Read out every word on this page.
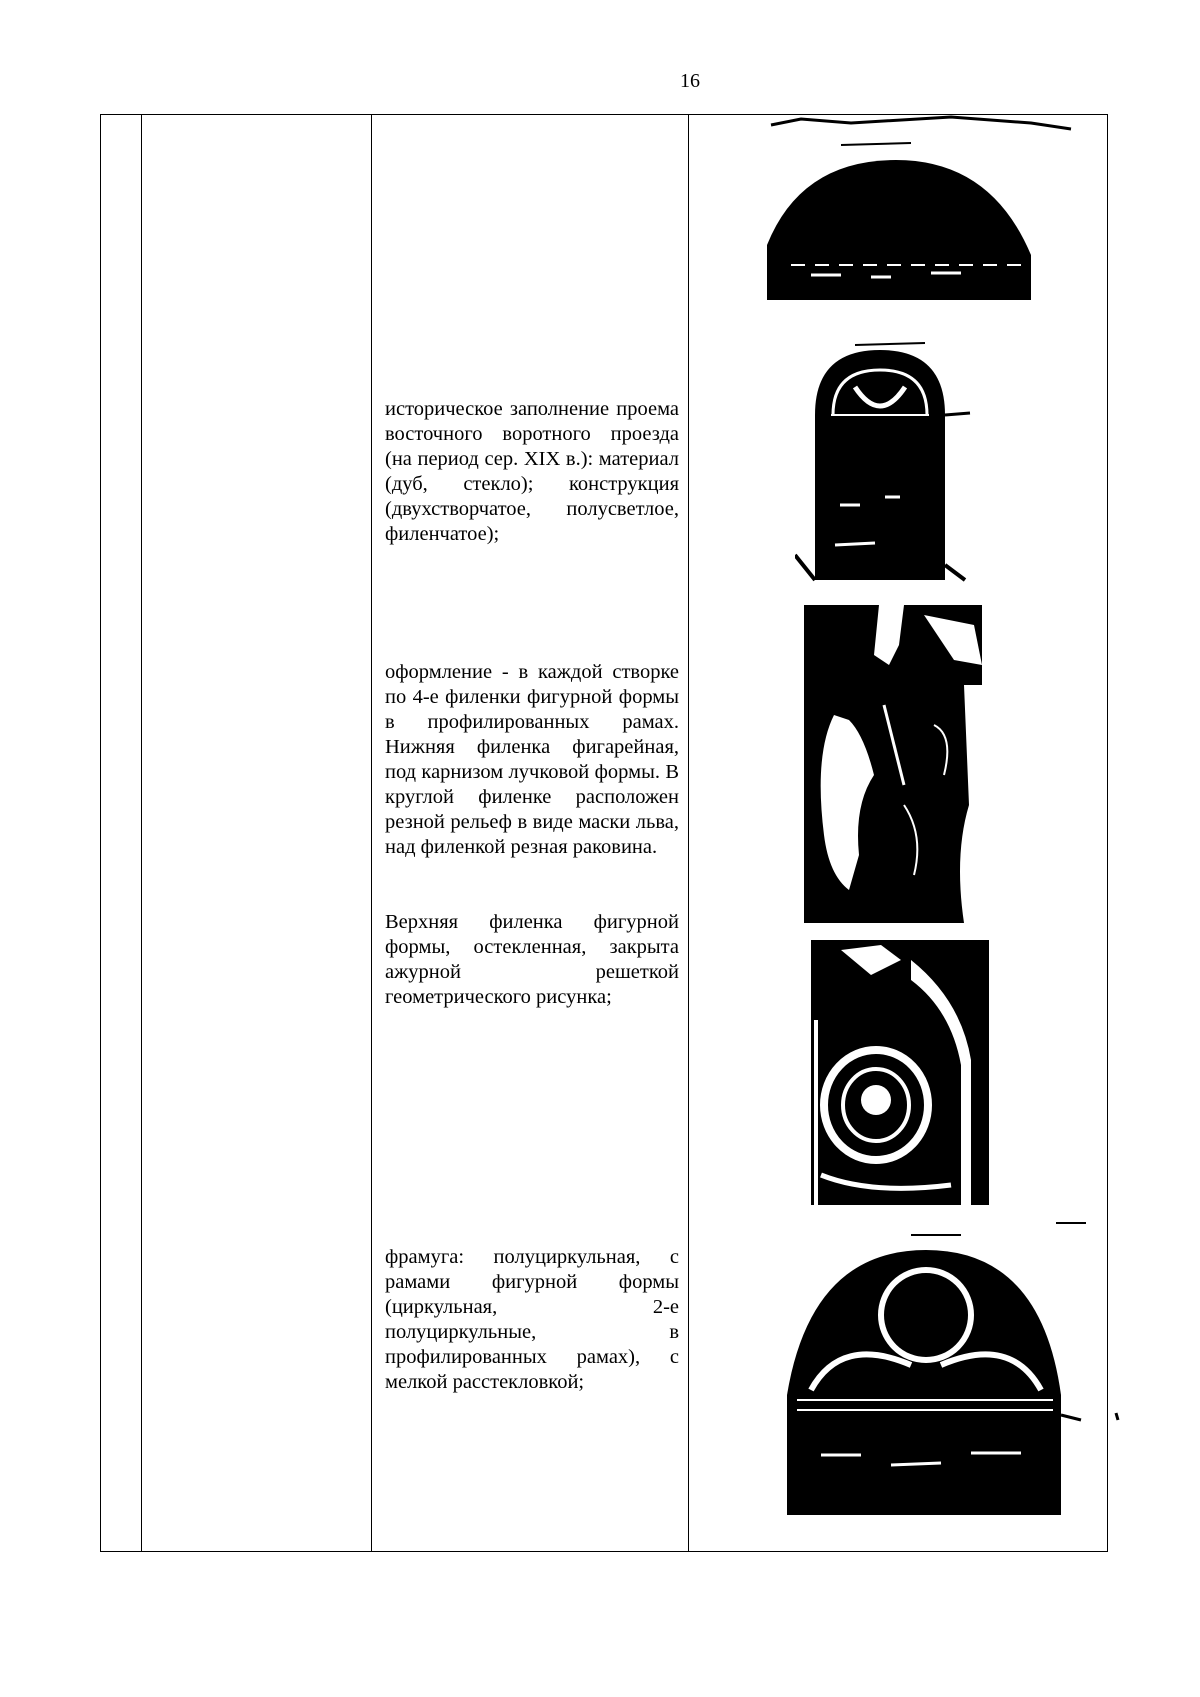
16
историческое заполнение проема восточного воротного проезда (на период сер. XIX в.): материал (дуб, стекло); конструкция (двухстворчатое, полусветлое, филенчатое);
оформление - в каждой створке по 4-е филенки фигурной формы в профилированных рамах. Нижняя филенка фигарейная, под карнизом лучковой формы. В круглой филенке расположен резной рельеф в виде маски льва, над филенкой резная раковина.
Верхняя филенка фигурной формы, остекленная, закрыта ажурной решеткой геометрического рисунка;
фрамуга: полуциркульная, с рамами фигурной формы (циркульная, 2-е полуциркульные, в профилированных рамах), с мелкой расстекловкой;
